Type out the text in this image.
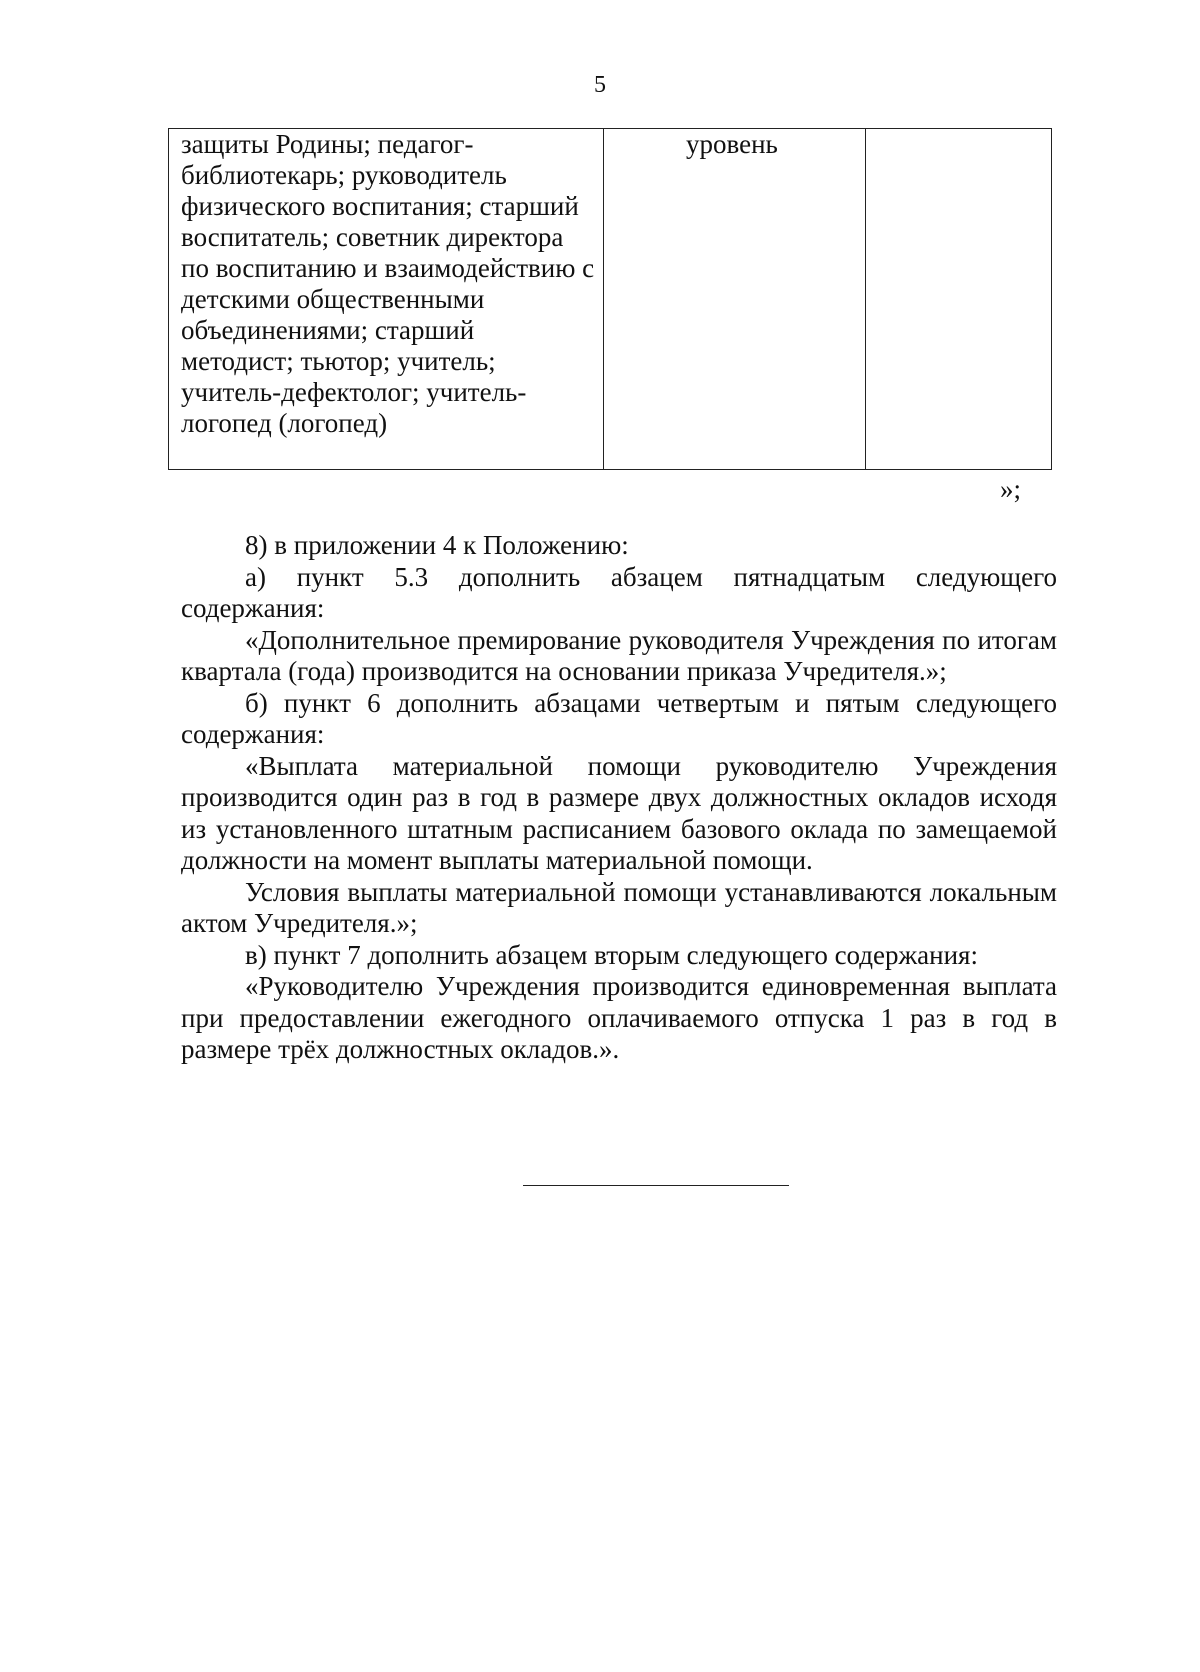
5
защиты Родины; педагог-
библиотекарь; руководитель
физического воспитания; старший
воспитатель; советник директора
по воспитанию и взаимодействию с
детскими общественными
объединениями; старший
методист; тьютор; учитель;
учитель-дефектолог; учитель-
логопед (логопед)
уровень
»;

8) в приложении 4 к Положению:

а) пункт 5.3 дополнить абзацем пятнадцатым следующего содержания:

«Дополнительное премирование руководителя Учреждения по итогам квартала (года) производится на основании приказа Учредителя.»;

б) пункт 6 дополнить абзацами четвертым и пятым следующего содержания:

«Выплата материальной помощи руководителю Учреждения производится один раз в год в размере двух должностных окладов исходя из установленного штатным расписанием базового оклада по замещаемой должности на момент выплаты материальной помощи.

Условия выплаты материальной помощи устанавливаются локальным актом Учредителя.»;

в) пункт 7 дополнить абзацем вторым следующего содержания:

«Руководителю Учреждения производится единовременная выплата при предоставлении ежегодного оплачиваемого отпуска 1 раз в год в размере трёх должностных окладов.».
